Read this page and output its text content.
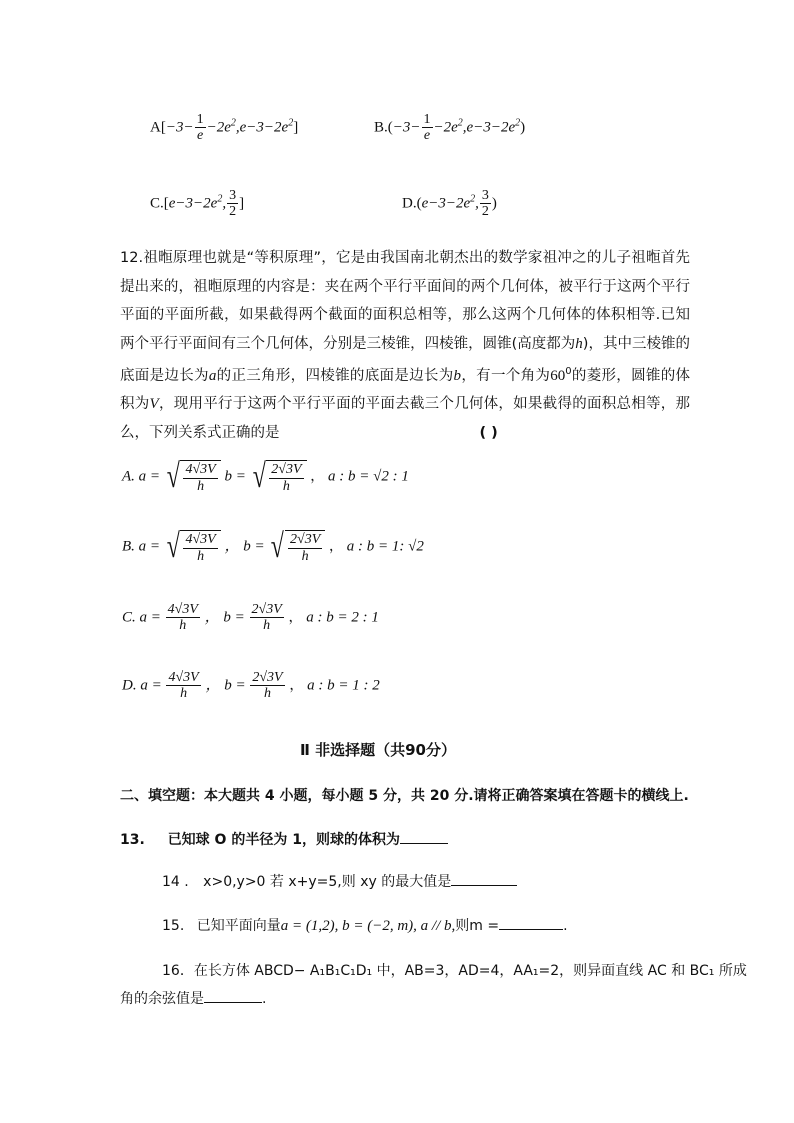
$A[-3- \frac{1}{e} -2e^2,e-3-2e^2]$	$B.(-3- \frac{1}{e} -2e^2,e-3-2e^2)$
$C.[e-3-2e^2$, $\frac{3}{2}$ ]	$D.(e-3-2e^2$, $\frac{3}{2}$ )
12.祖暅原理也就是“等积原理”，它是由我国南北朝杰出的数学家祖冲之的儿子祖暅首先提出来的，祖暅原理的内容是：夹在两个平行平面间的两个几何体，被平行于这两个平行平面的平面所截，如果截得两个截面的面积总相等，那么这两个几何体的体积相等.已知两个平行平面间有三个几何体，分别是三棱锥，四棱锥，圆锥(高度都为h)，其中三棱锥的底面是边长为a的正三角形，四棱锥的底面是边长为b，有一个角为$60^0$的菱形，圆锥的体积为V，现用平行于这两个平行平面的平面去截三个几何体，如果截得的面积总相等，那么，下列关系式正确的是	( )
A. a = √ $\frac{4√3V}{h}$ b = √ $\frac{2√3V}{h}$ ， a : b = √2 : 1
B. a = √ $\frac{4√3V}{h}$ ， b = √ $\frac{2√3V}{h}$ ， a : b = 1: √2
C. $a = \frac{4√3V}{h}$ ， $b = \frac{2√3V}{h}$ ， a : b = 2 : 1
D. $a = \frac{4√3V}{h}$ ， $b = \frac{2√3V}{h}$ ， a : b = 1 : 2
Ⅱ 非选择题（共90分）
二、填空题：本大题共 4 小题，每小题 5 分，共 20 分.请将正确答案填在答题卡的横线上.
13. 已知球 O 的半径为 1，则球的体积为
14 . x>0,y>0 若 x+y=5,则 xy 的最大值是
15. 已知平面向量a = (1,2), b = (−2, m), a // b,则m =	.
16．在长方体 ABCD− A₁B₁C₁D₁ 中，AB=3，AD=4，AA₁=2，则异面直线 AC 和 BC₁ 所成
角的余弦值是	.
